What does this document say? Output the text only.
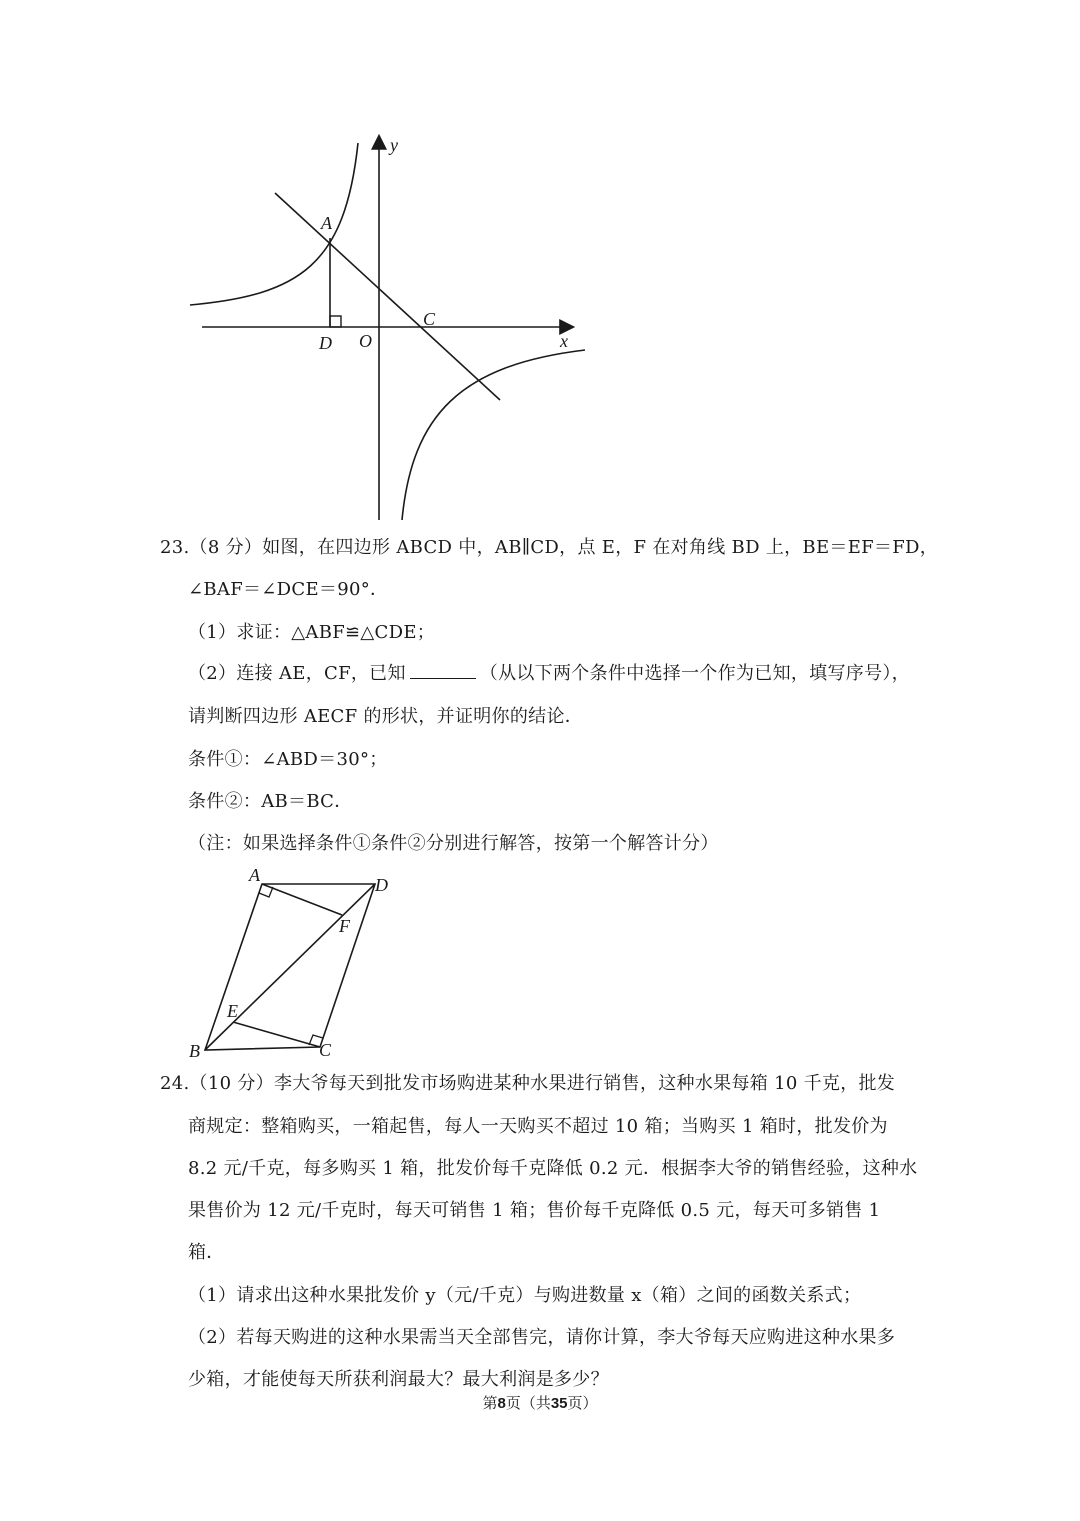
A
C
D O	x
y
23.（8 分）如图，在四边形 ABCD 中，AB∥CD，点 E，F 在对角线 BD 上，BE＝EF＝FD，
∠BAF＝∠DCE＝90°．
（1）求证：△ABF≌△CDE；
（2）连接 AE，CF，已知	（从以下两个条件中选择一个作为已知，填写序号），
请判断四边形 AECF 的形状，并证明你的结论．
条件①：∠ABD＝30°；
条件②：AB＝BC．
（注：如果选择条件①条件②分别进行解答，按第一个解答计分）
A	D
F
E
B	C
24.（10 分）李大爷每天到批发市场购进某种水果进行销售，这种水果每箱 10 千克，批发
商规定：整箱购买，一箱起售，每人一天购买不超过 10 箱；当购买 1 箱时，批发价为
8.2 元/千克，每多购买 1 箱，批发价每千克降低 0.2 元．根据李大爷的销售经验，这种水
果售价为 12 元/千克时，每天可销售 1 箱；售价每千克降低 0.5 元，每天可多销售 1
箱．
（1）请求出这种水果批发价 y（元/千克）与购进数量 x（箱）之间的函数关系式；
（2）若每天购进的这种水果需当天全部售完，请你计算，李大爷每天应购进这种水果多
少箱，才能使每天所获利润最大？最大利润是多少？
第8页（共35页）
